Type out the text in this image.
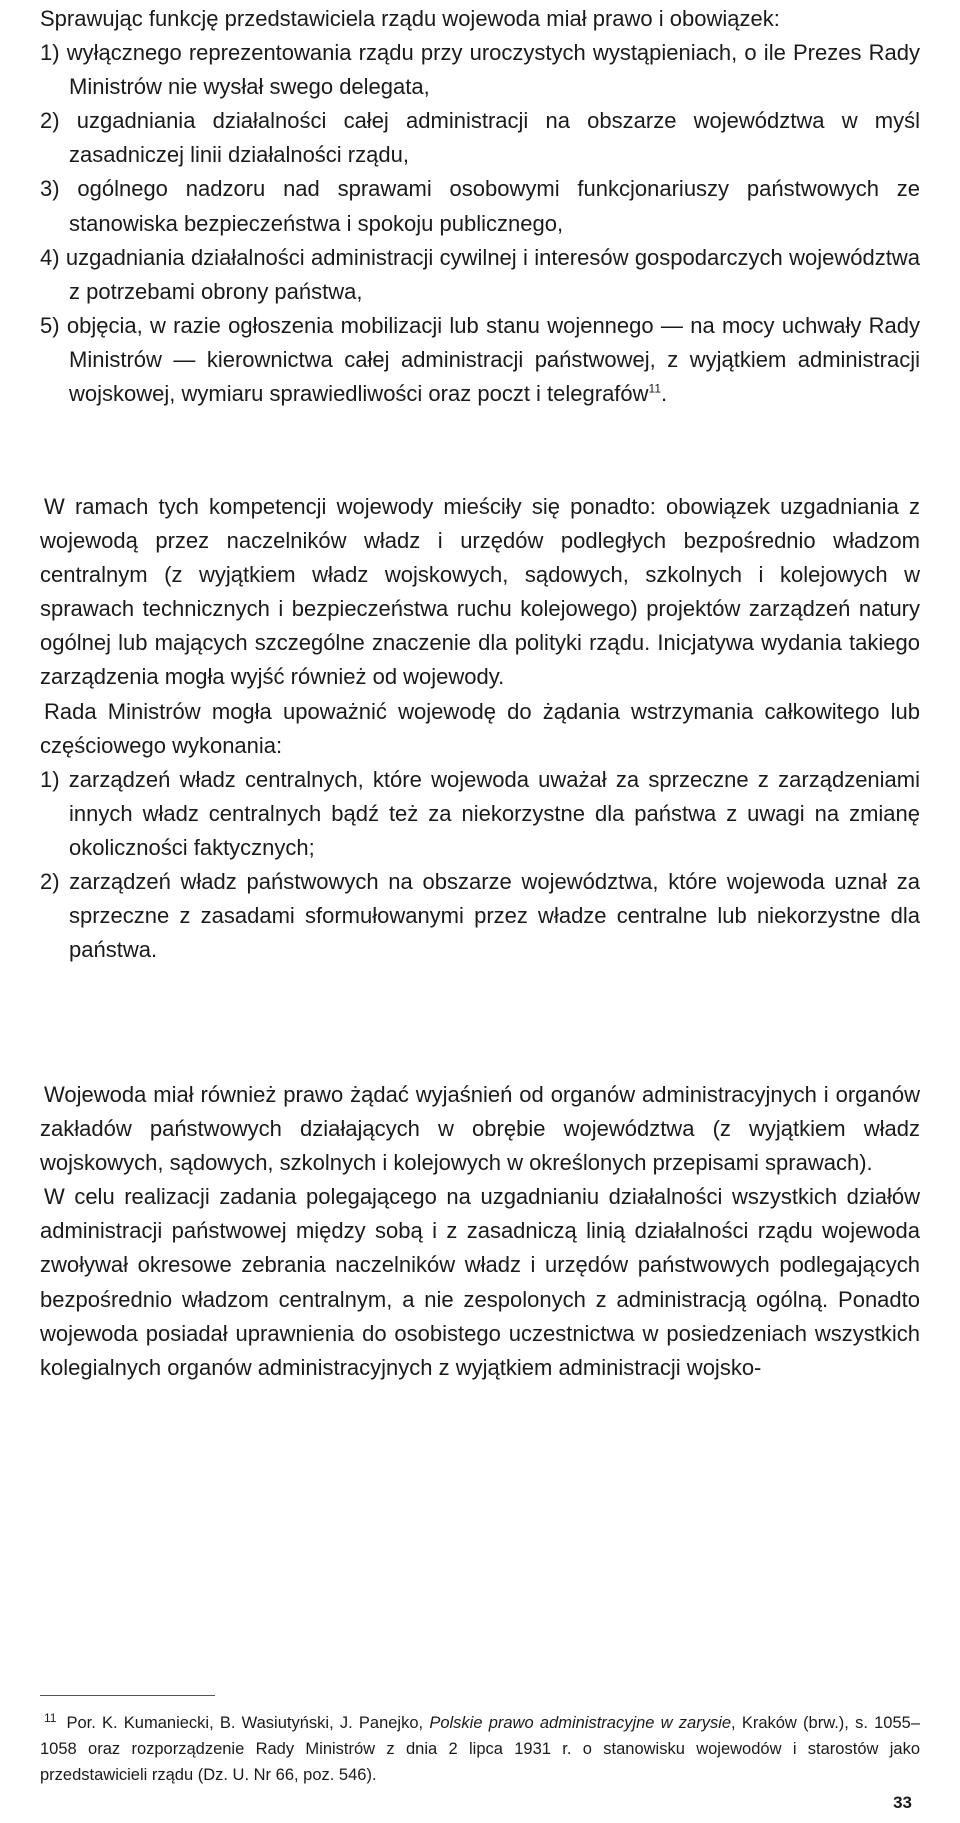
Sprawując funkcję przedstawiciela rządu wojewoda miał prawo i obowiązek:

1) wyłącznego reprezentowania rządu przy uroczystych wystąpieniach, o ile Prezes Rady Ministrów nie wysłał swego delegata,

2) uzgadniania działalności całej administracji na obszarze województwa w myśl zasadniczej linii działalności rządu,

3) ogólnego nadzoru nad sprawami osobowymi funkcjonariuszy państwowych ze stanowiska bezpieczeństwa i spokoju publicznego,

4) uzgadniania działalności administracji cywilnej i interesów gospodarczych województwa z potrzebami obrony państwa,

5) objęcia, w razie ogłoszenia mobilizacji lub stanu wojennego — na mocy uchwały Rady Ministrów — kierownictwa całej administracji państwowej, z wyjątkiem administracji wojskowej, wymiaru sprawiedliwości oraz poczt i telegrafów$^{11}$.

W ramach tych kompetencji wojewody mieściły się ponadto: obowiązek uzgadniania z wojewodą przez naczelników władz i urzędów podległych bezpośrednio władzom centralnym (z wyjątkiem władz wojskowych, sądowych, szkolnych i kolejowych w sprawach technicznych i bezpieczeństwa ruchu kolejowego) projektów zarządzeń natury ogólnej lub mających szczególne znaczenie dla polityki rządu. Inicjatywa wydania takiego zarządzenia mogła wyjść również od wojewody.

Rada Ministrów mogła upoważnić wojewodę do żądania wstrzymania całkowitego lub częściowego wykonania:

1) zarządzeń władz centralnych, które wojewoda uważał za sprzeczne z zarządzeniami innych władz centralnych bądź też za niekorzystne dla państwa z uwagi na zmianę okoliczności faktycznych;

2) zarządzeń władz państwowych na obszarze województwa, które wojewoda uznał za sprzeczne z zasadami sformułowanymi przez władze centralne lub niekorzystne dla państwa.

Wojewoda miał również prawo żądać wyjaśnień od organów administracyjnych i organów zakładów państwowych działających w obrębie województwa (z wyjątkiem władz wojskowych, sądowych, szkolnych i kolejowych w określonych przepisami sprawach).

W celu realizacji zadania polegającego na uzgadnianiu działalności wszystkich działów administracji państwowej między sobą i z zasadniczą linią działalności rządu wojewoda zwoływał okresowe zebrania naczelników władz i urzędów państwowych podlegających bezpośrednio władzom centralnym, a nie zespolonych z administracją ogólną. Ponadto wojewoda posiadał uprawnienia do osobistego uczestnictwa w posiedzeniach wszystkich kolegialnych organów administracyjnych z wyjątkiem administracji wojsko-

$^{11}$ Por. K. Kumaniecki, B. Wasiutyński, J. Panejko, Polskie prawo administracyjne w zarysie, Kraków (brw.), s. 1055–1058 oraz rozporządzenie Rady Ministrów z dnia 2 lipca 1931 r. o stanowisku wojewodów i starostów jako przedstawicieli rządu (Dz. U. Nr 66, poz. 546).
33
